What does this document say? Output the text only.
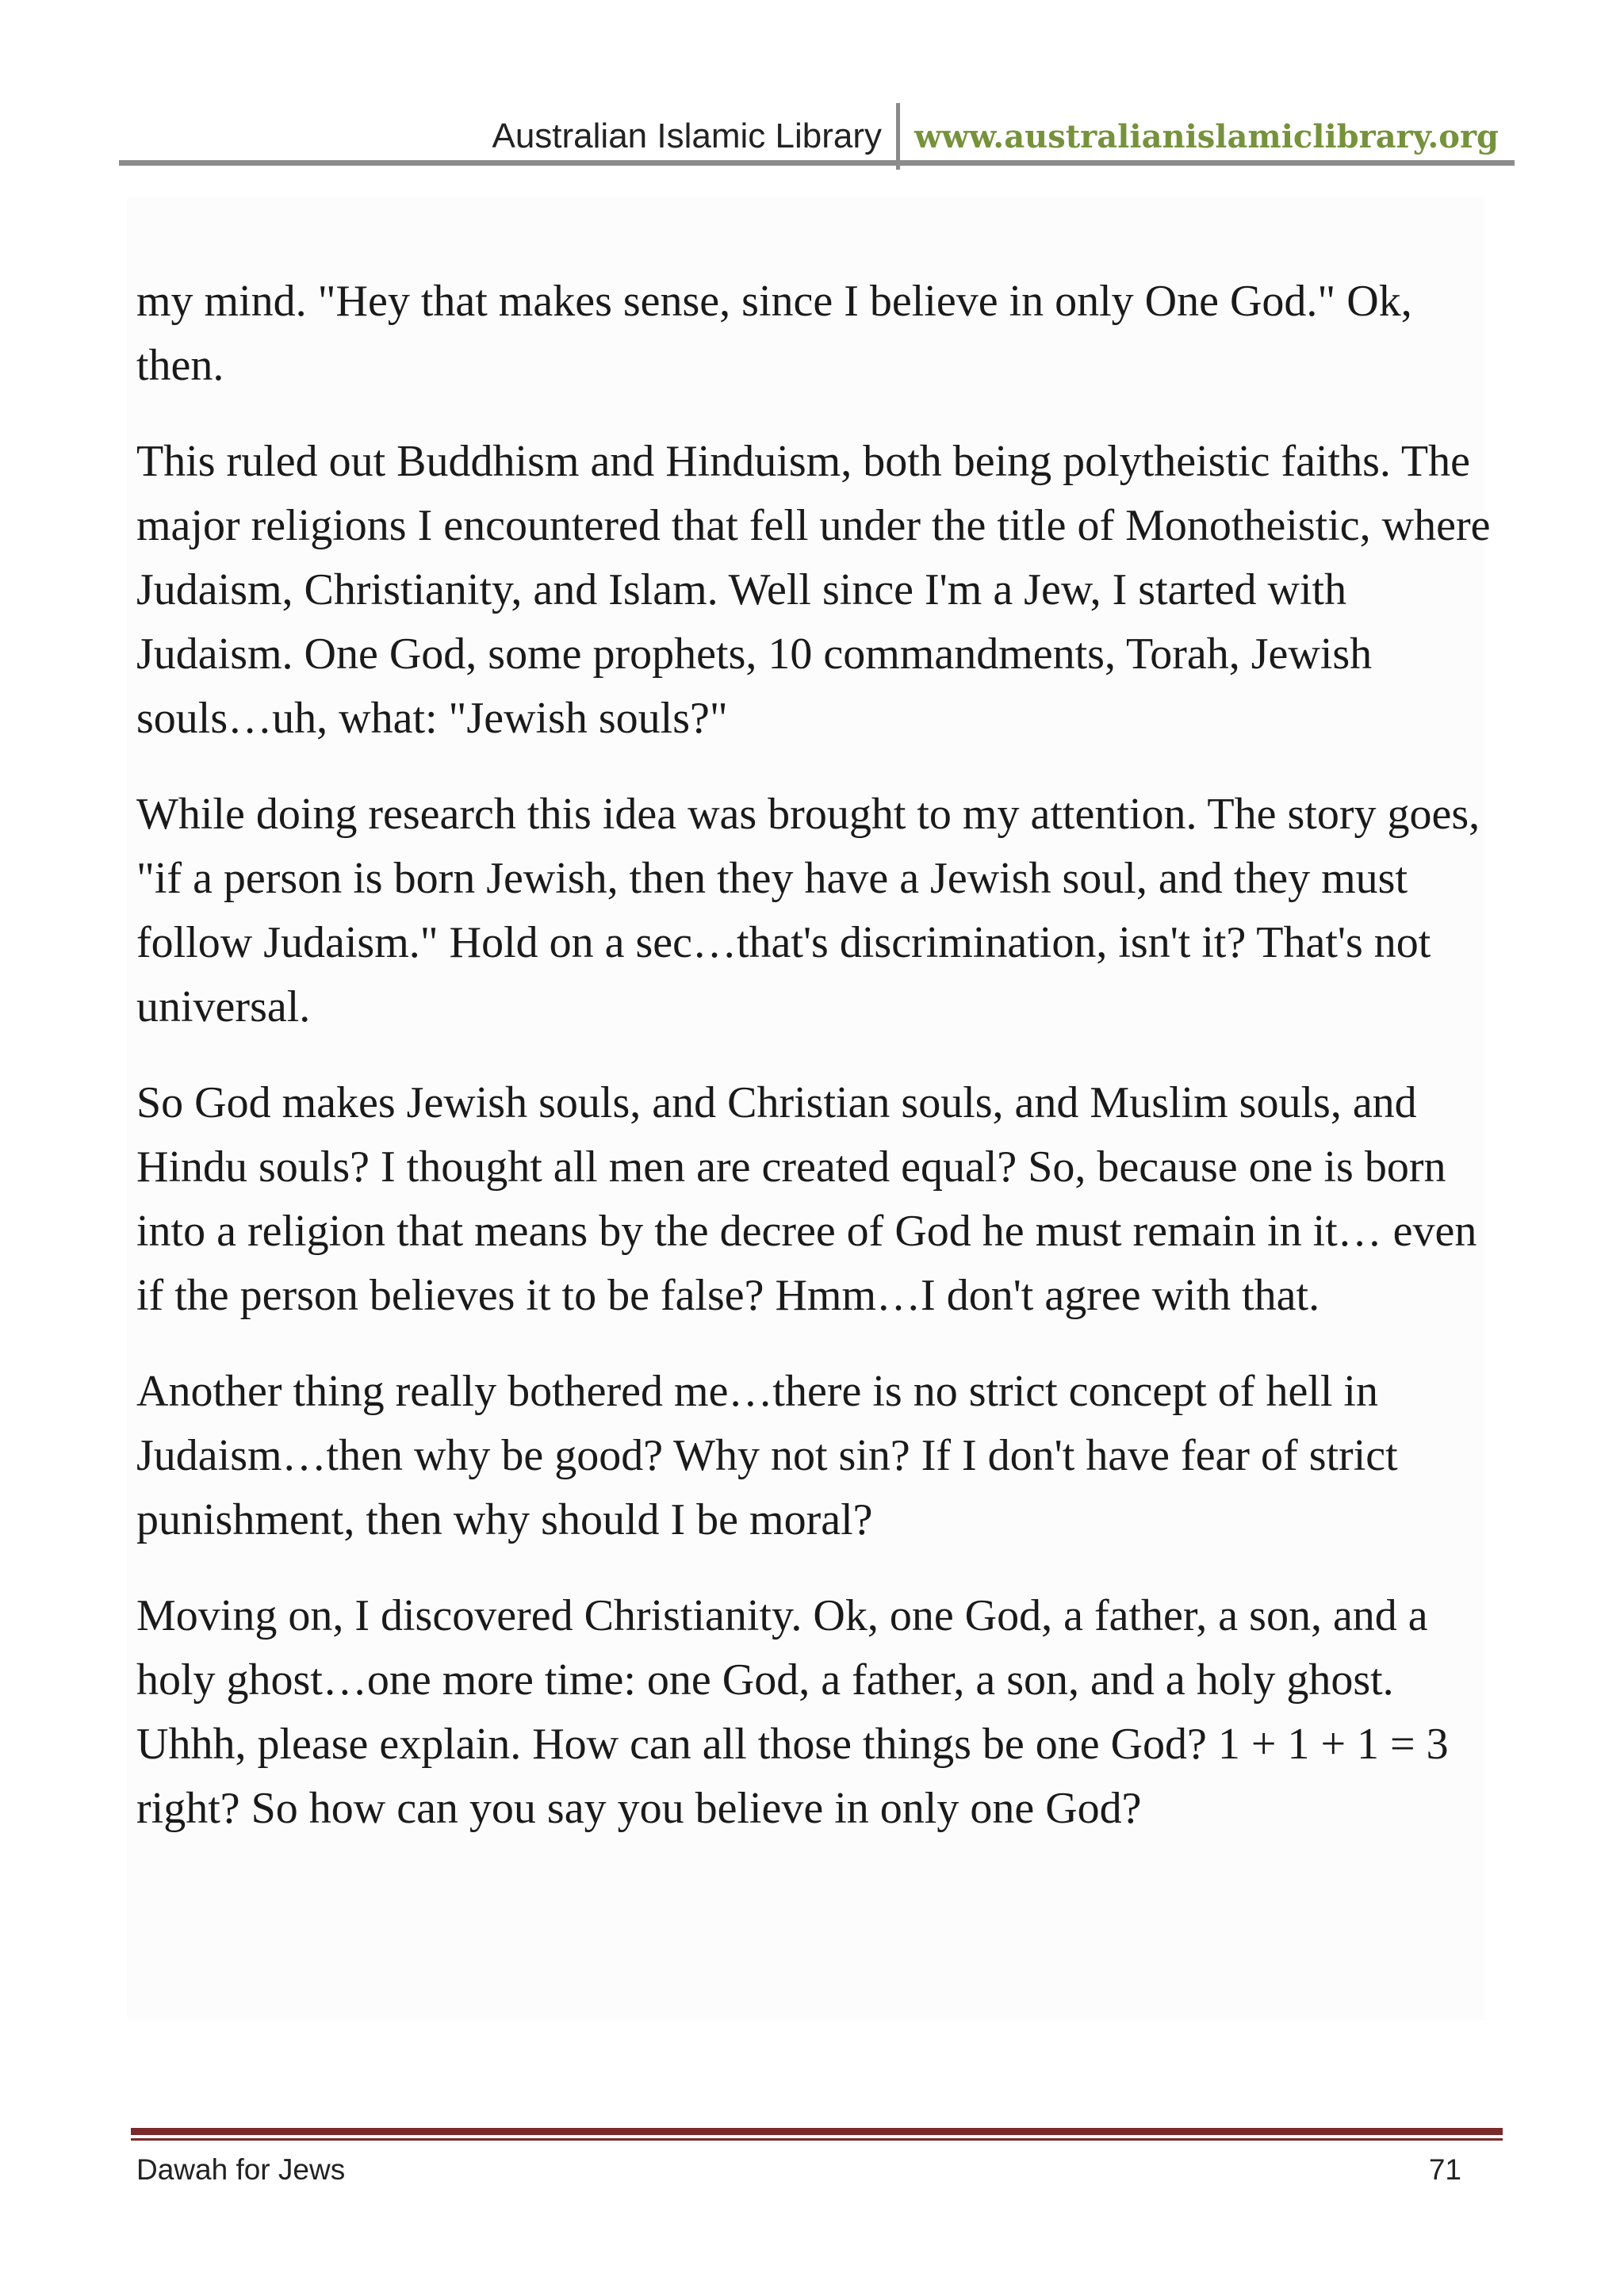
Australian Islamic Library	www.australianislamiclibrary.org

my mind. "Hey that makes sense, since I believe in only One God." Ok, then.

This ruled out Buddhism and Hinduism, both being polytheistic faiths. The major religions I encountered that fell under the title of Monotheistic, where Judaism, Christianity, and Islam. Well since I'm a Jew, I started with Judaism. One God, some prophets, 10 commandments, Torah, Jewish souls…uh, what: "Jewish souls?"

While doing research this idea was brought to my attention. The story goes, "if a person is born Jewish, then they have a Jewish soul, and they must follow Judaism." Hold on a sec…that's discrimination, isn't it? That's not universal.

So God makes Jewish souls, and Christian souls, and Muslim souls, and Hindu souls? I thought all men are created equal? So, because one is born into a religion that means by the decree of God he must remain in it… even if the person believes it to be false? Hmm…I don't agree with that.

Another thing really bothered me…there is no strict concept of hell in Judaism…then why be good? Why not sin? If I don't have fear of strict punishment, then why should I be moral?

Moving on, I discovered Christianity. Ok, one God, a father, a son, and a holy ghost…one more time: one God, a father, a son, and a holy ghost. Uhhh, please explain. How can all those things be one God? 1 + 1 + 1 = 3 right? So how can you say you believe in only one God?

Dawah for Jews	71
